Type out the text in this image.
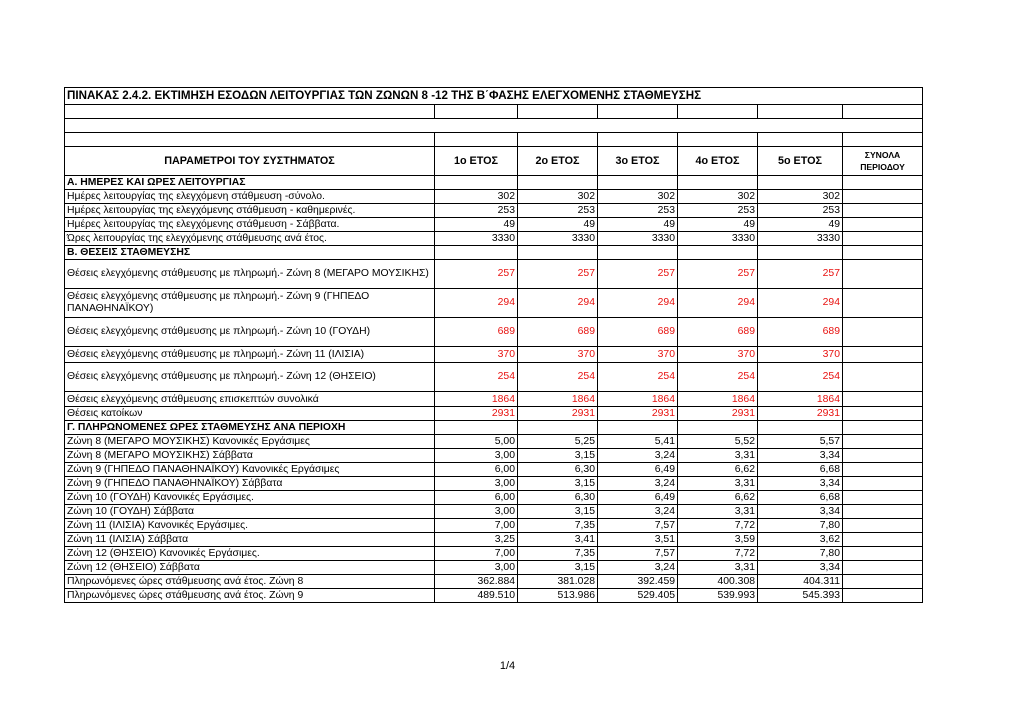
ΠΙΝΑΚΑΣ 2.4.2. ΕΚΤΙΜΗΣΗ ΕΣΟΔΩΝ ΛΕΙΤΟΥΡΓΙΑΣ ΤΩΝ ΖΩΝΩΝ 8 -12 ΤΗΣ Β΄ΦΑΣΗΣ ΕΛΕΓΧΟΜΕΝΗΣ ΣΤΑΘΜΕΥΣΗΣ						

ΠΑΡΑΜΕΤΡΟΙ ΤΟΥ ΣΥΣΤΗΜΑΤΟΣ	1ο ΕΤΟΣ	2ο ΕΤΟΣ	3ο ΕΤΟΣ	4ο ΕΤΟΣ	5ο ΕΤΟΣ	ΣΥΝΟΛΑ ΠΕΡΙΟΔΟΥ
Α. ΗΜΕΡΕΣ ΚΑΙ ΩΡΕΣ ΛΕΙΤΟΥΡΓΙΑΣ						
Ημέρες λειτουργίας της ελεγχόμενη στάθμευση -σύνολο.	302	302	302	302	302	
Ημέρες λειτουργίας της ελεγχόμενης στάθμευση - καθημερινές.	253	253	253	253	253	
Ημέρες λειτουργίας της ελεγχόμενης στάθμευση - Σάββατα.	49	49	49	49	49	
Ώρες λειτουργίας της ελεγχόμενης στάθμευσης ανά έτος.	3330	3330	3330	3330	3330	
Β. ΘΕΣΕΙΣ ΣΤΑΘΜΕΥΣΗΣ						
Θέσεις ελεγχόμενης στάθμευσης με πληρωμή.- Ζώνη 8 (ΜΕΓΑΡΟ ΜΟΥΣΙΚΗΣ)	257	257	257	257	257	
Θέσεις ελεγχόμενης στάθμευσης με πληρωμή.- Ζώνη 9 (ΓΗΠΕΔΟ ΠΑΝΑΘΗΝΑΪΚΟΥ)	294	294	294	294	294	
Θέσεις ελεγχόμενης στάθμευσης με πληρωμή.- Ζώνη 10 (ΓΟΥΔΗ)	689	689	689	689	689	
Θέσεις ελεγχόμενης στάθμευσης με πληρωμή.- Ζώνη 11 (ΙΛΙΣΙΑ)	370	370	370	370	370	
Θέσεις ελεγχόμενης στάθμευσης με πληρωμή.- Ζώνη 12 (ΘΗΣΕΙΟ)	254	254	254	254	254	
Θέσεις ελεγχόμενης στάθμευσης επισκεπτών συνολικά	1864	1864	1864	1864	1864	
Θέσεις κατοίκων	2931	2931	2931	2931	2931	
Γ. ΠΛΗΡΩΝΟΜΕΝΕΣ ΩΡΕΣ ΣΤΑΘΜΕΥΣΗΣ ΑΝΑ ΠΕΡΙΟΧΗ						
Ζώνη 8 (ΜΕΓΑΡΟ ΜΟΥΣΙΚΗΣ) Κανονικές Εργάσιμες	5,00	5,25	5,41	5,52	5,57	
Ζώνη 8 (ΜΕΓΑΡΟ ΜΟΥΣΙΚΗΣ) Σάββατα	3,00	3,15	3,24	3,31	3,34	
Ζώνη 9 (ΓΗΠΕΔΟ ΠΑΝΑΘΗΝΑΪΚΟΥ) Κανονικές Εργάσιμες	6,00	6,30	6,49	6,62	6,68	
Ζώνη 9 (ΓΗΠΕΔΟ ΠΑΝΑΘΗΝΑΪΚΟΥ) Σάββατα	3,00	3,15	3,24	3,31	3,34	
Ζώνη 10 (ΓΟΥΔΗ) Κανονικές Εργάσιμες.	6,00	6,30	6,49	6,62	6,68	
Ζώνη 10 (ΓΟΥΔΗ) Σάββατα	3,00	3,15	3,24	3,31	3,34	
Ζώνη 11 (ΙΛΙΣΙΑ) Κανονικές Εργάσιμες.	7,00	7,35	7,57	7,72	7,80	
Ζώνη 11 (ΙΛΙΣΙΑ) Σάββατα	3,25	3,41	3,51	3,59	3,62	
Ζώνη 12 (ΘΗΣΕΙΟ) Κανονικές Εργάσιμες.	7,00	7,35	7,57	7,72	7,80	
Ζώνη 12 (ΘΗΣΕΙΟ) Σάββατα	3,00	3,15	3,24	3,31	3,34	
Πληρωνόμενες ώρες στάθμευσης ανά έτος. Ζώνη 8	362.884	381.028	392.459	400.308	404.311	
Πληρωνόμενες ώρες στάθμευσης ανά έτος. Ζώνη 9	489.510	513.986	529.405	539.993	545.393	
1/4
